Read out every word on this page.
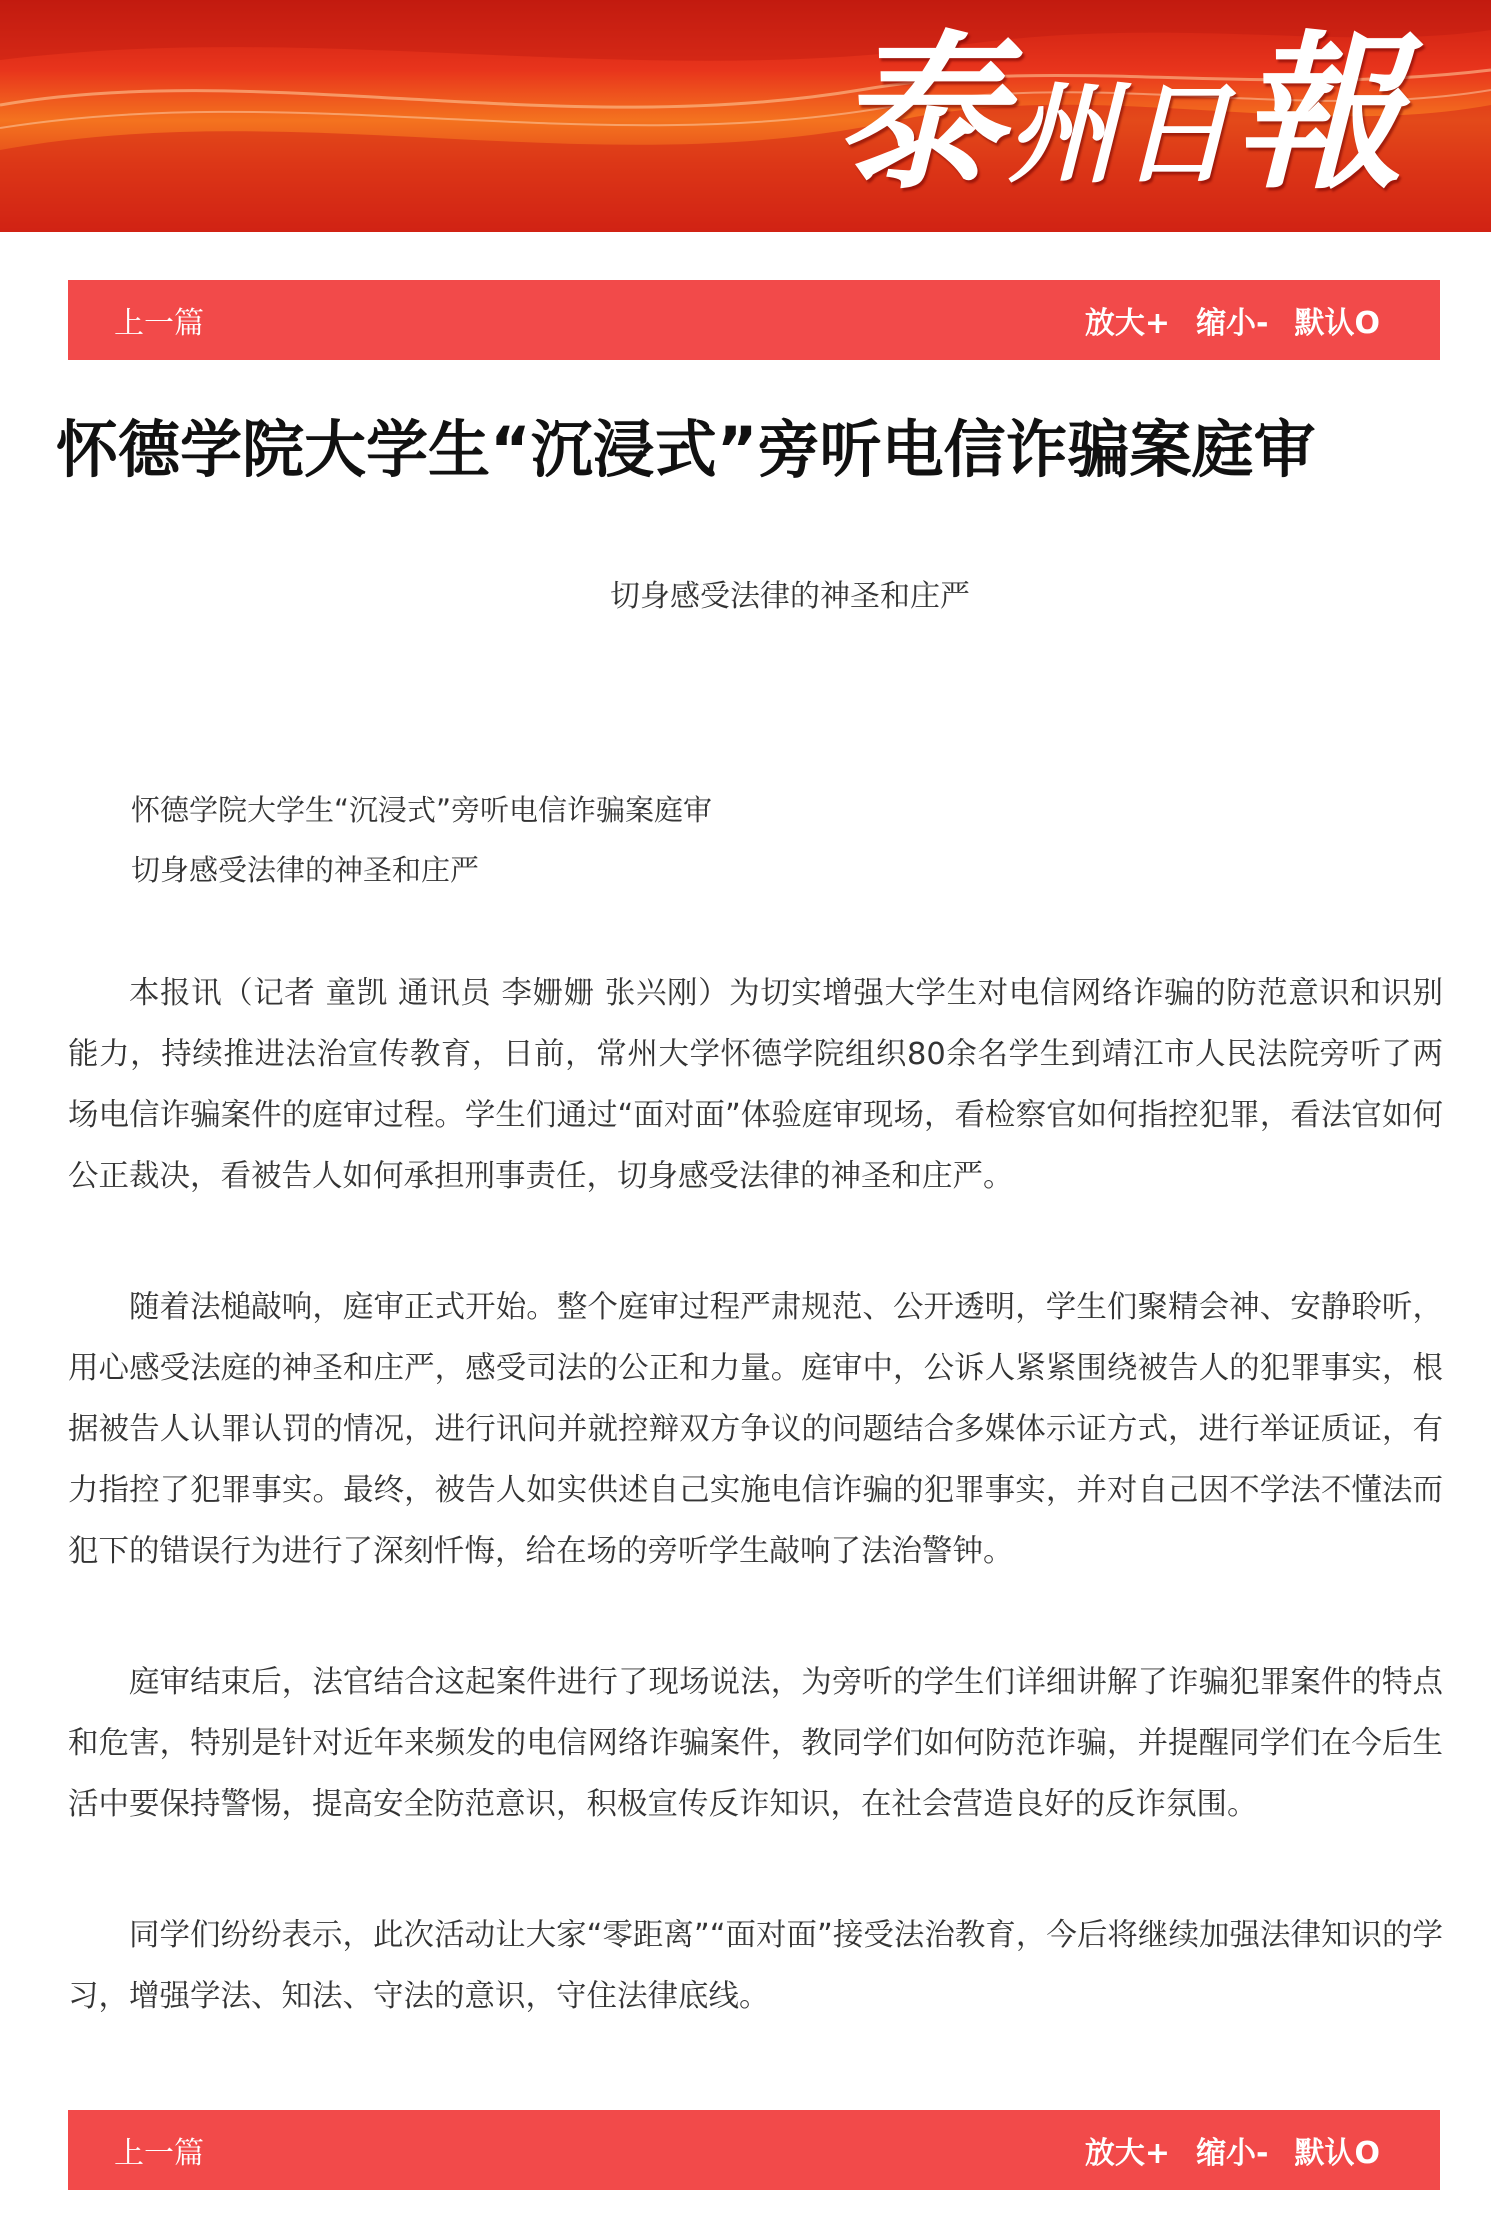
泰州日報
上一篇	放大+ 缩小- 默认O
怀德学院大学生“沉浸式”旁听电信诈骗案庭审
切身感受法律的神圣和庄严
怀德学院大学生“沉浸式”旁听电信诈骗案庭审
切身感受法律的神圣和庄严

本报讯（记者 童凯 通讯员 李姗姗 张兴刚）为切实增强大学生对电信网络诈骗的防范意识和识别能力，持续推进法治宣传教育，日前，常州大学怀德学院组织80余名学生到靖江市人民法院旁听了两场电信诈骗案件的庭审过程。学生们通过“面对面”体验庭审现场，看检察官如何指控犯罪，看法官如何公正裁决，看被告人如何承担刑事责任，切身感受法律的神圣和庄严。

随着法槌敲响，庭审正式开始。整个庭审过程严肃规范、公开透明，学生们聚精会神、安静聆听，用心感受法庭的神圣和庄严，感受司法的公正和力量。庭审中，公诉人紧紧围绕被告人的犯罪事实，根据被告人认罪认罚的情况，进行讯问并就控辩双方争议的问题结合多媒体示证方式，进行举证质证，有力指控了犯罪事实。最终，被告人如实供述自己实施电信诈骗的犯罪事实，并对自己因不学法不懂法而犯下的错误行为进行了深刻忏悔，给在场的旁听学生敲响了法治警钟。

庭审结束后，法官结合这起案件进行了现场说法，为旁听的学生们详细讲解了诈骗犯罪案件的特点和危害，特别是针对近年来频发的电信网络诈骗案件，教同学们如何防范诈骗，并提醒同学们在今后生活中要保持警惕，提高安全防范意识，积极宣传反诈知识，在社会营造良好的反诈氛围。

同学们纷纷表示，此次活动让大家“零距离”“面对面”接受法治教育，今后将继续加强法律知识的学习，增强学法、知法、守法的意识，守住法律底线。

上一篇	放大+ 缩小- 默认O
